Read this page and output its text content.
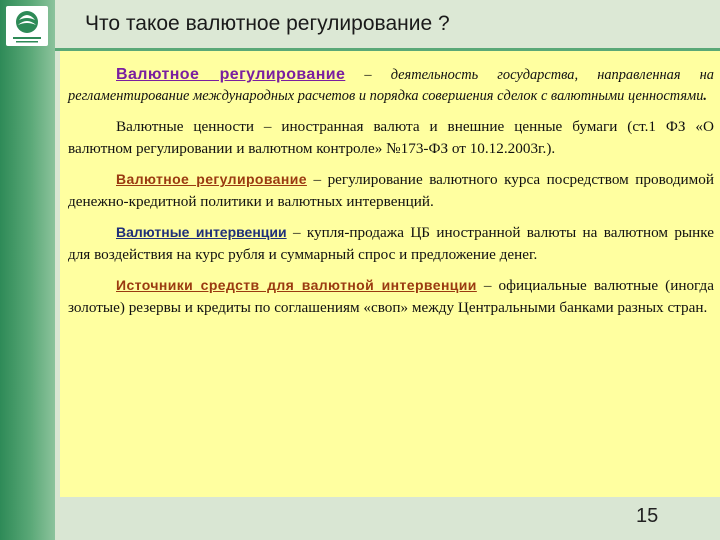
Что такое валютное регулирование ?

Валютное регулирование – деятельность государства, направленная на регламентирование международных расчетов и порядка совершения сделок с валютными ценностями.

Валютные ценности – иностранная валюта и внешние ценные бумаги (ст.1 ФЗ «О валютном регулировании и валютном контроле» №173-ФЗ от 10.12.2003г.).

Валютное регулирование – регулирование валютного курса посредством проводимой денежно-кредитной политики и валютных интервенций.

Валютные интервенции – купля-продажа ЦБ иностранной валюты на валютном рынке для воздействия на курс рубля и суммарный спрос и предложение денег.

Источники средств для валютной интервенции – официальные валютные (иногда золотые) резервы и кредиты по соглашениям «своп» между Центральными банками разных стран.

15
